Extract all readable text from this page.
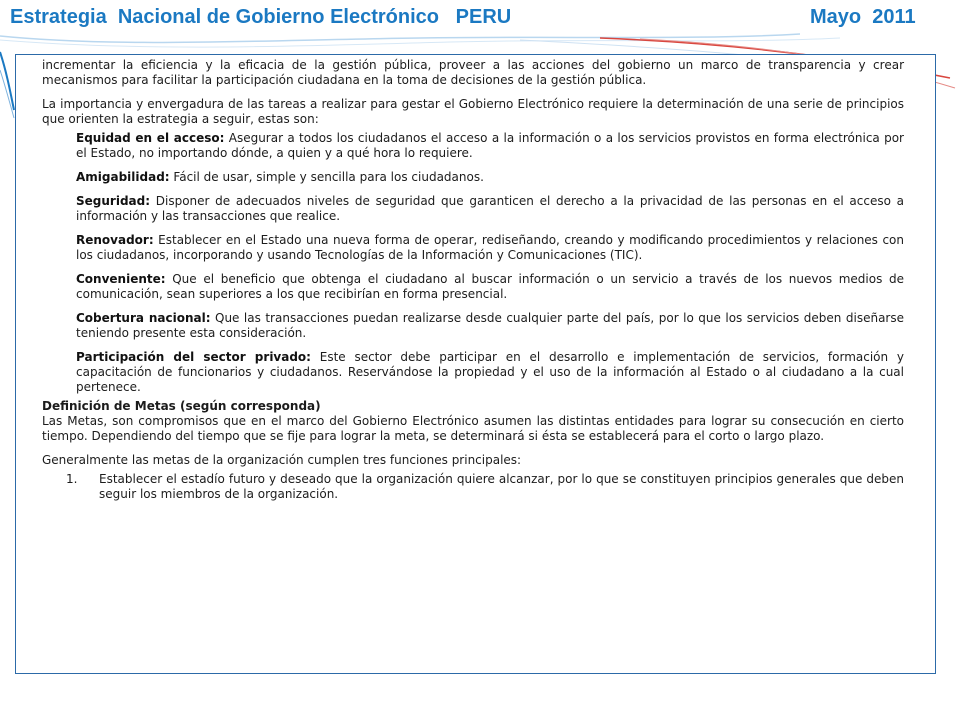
Estrategia  Nacional de Gobierno Electrónico   PERU	Mayo  2011

incrementar la eficiencia y la eficacia de la gestión pública, proveer a las acciones del gobierno un marco de transparencia y crear mecanismos para facilitar la participación ciudadana en la toma de decisiones de la gestión pública.

La importancia y envergadura de las tareas a realizar para gestar el Gobierno Electrónico requiere la determinación de una serie de principios que orienten la estrategia a seguir, estas son:

Equidad en el acceso: Asegurar a todos los ciudadanos el acceso a la información o a los servicios provistos en forma electrónica por el Estado, no importando dónde, a quien y a qué hora lo requiere.

Amigabilidad: Fácil de usar, simple y sencilla para los ciudadanos.

Seguridad: Disponer de adecuados niveles de seguridad que garanticen el derecho a la privacidad de las personas en el acceso a información y las transacciones que realice.

Renovador: Establecer en el Estado una nueva forma de operar, rediseñando, creando y modificando procedimientos y relaciones con los ciudadanos, incorporando y usando Tecnologías de la Información y Comunicaciones (TIC).

Conveniente: Que el beneficio que obtenga el ciudadano al buscar información o un servicio a través de los nuevos medios de comunicación, sean superiores a los que recibirían en forma presencial.

Cobertura nacional: Que las transacciones puedan realizarse desde cualquier parte del país, por lo que los servicios deben diseñarse teniendo presente esta consideración.

Participación del sector privado: Este sector debe participar en el desarrollo e implementación de servicios, formación y capacitación de funcionarios y ciudadanos. Reservándose la propiedad y el uso de la información al Estado o al ciudadano a la cual pertenece.

Definición de Metas (según corresponda)

Las Metas, son compromisos que en el marco del Gobierno Electrónico asumen las distintas entidades para lograr su consecución en cierto tiempo. Dependiendo del tiempo que se fije para lograr la meta, se determinará si ésta se establecerá para el corto o largo plazo.

Generalmente las metas de la organización cumplen tres funciones principales:

1.	Establecer el estadío futuro y deseado que la organización quiere alcanzar, por lo que se constituyen principios generales que deben seguir los miembros de la organización.
